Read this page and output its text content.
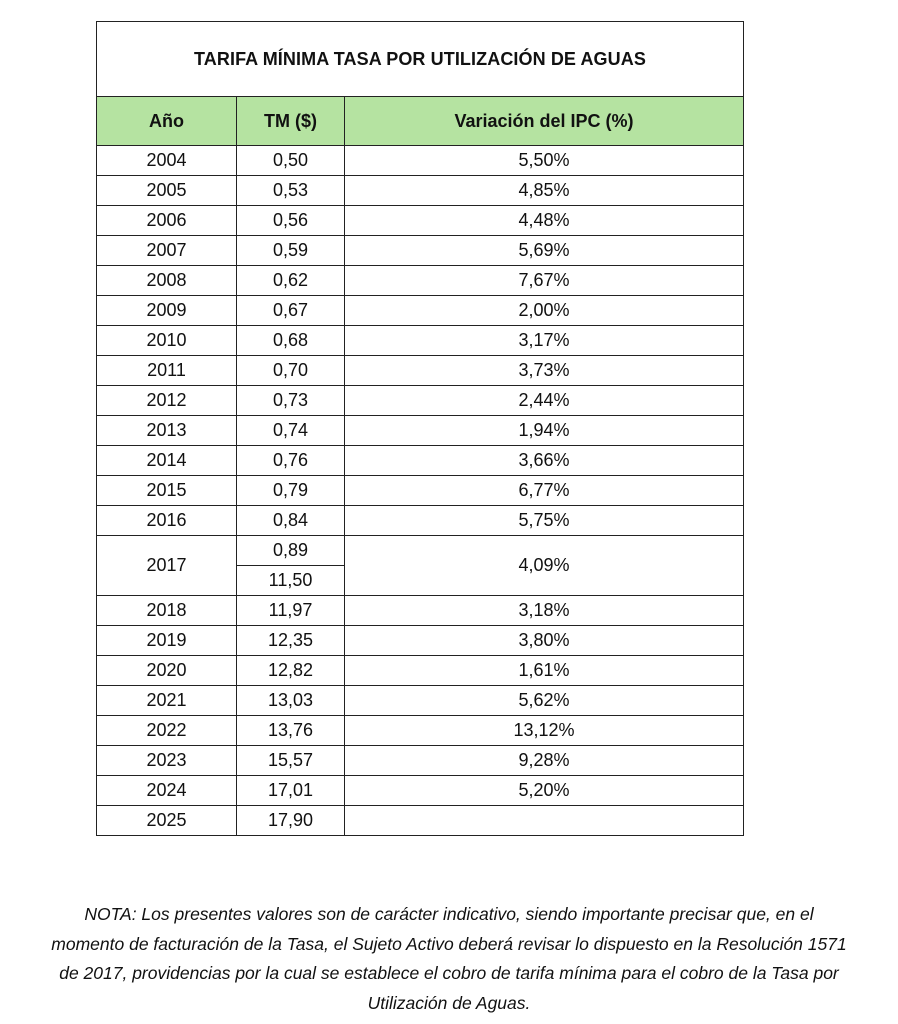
TARIFA MÍNIMA TASA POR UTILIZACIÓN DE AGUAS		
Año	TM ($)	Variación del IPC (%)
2004	0,50	5,50%
2005	0,53	4,85%
2006	0,56	4,48%
2007	0,59	5,69%
2008	0,62	7,67%
2009	0,67	2,00%
2010	0,68	3,17%
2011	0,70	3,73%
2012	0,73	2,44%
2013	0,74	1,94%
2014	0,76	3,66%
2015	0,79	6,77%
2016	0,84	5,75%
2017	0,89	4,09%
	11,50	
2018	11,97	3,18%
2019	12,35	3,80%
2020	12,82	1,61%
2021	13,03	5,62%
2022	13,76	13,12%
2023	15,57	9,28%
2024	17,01	5,20%
2025	17,90	
NOTA: Los presentes valores son de carácter indicativo, siendo importante precisar que, en el
momento de facturación de la Tasa, el Sujeto Activo deberá revisar lo dispuesto en la Resolución 1571
de 2017, providencias por la cual se establece el cobro de tarifa mínima para el cobro de la Tasa por
Utilización de Aguas.
